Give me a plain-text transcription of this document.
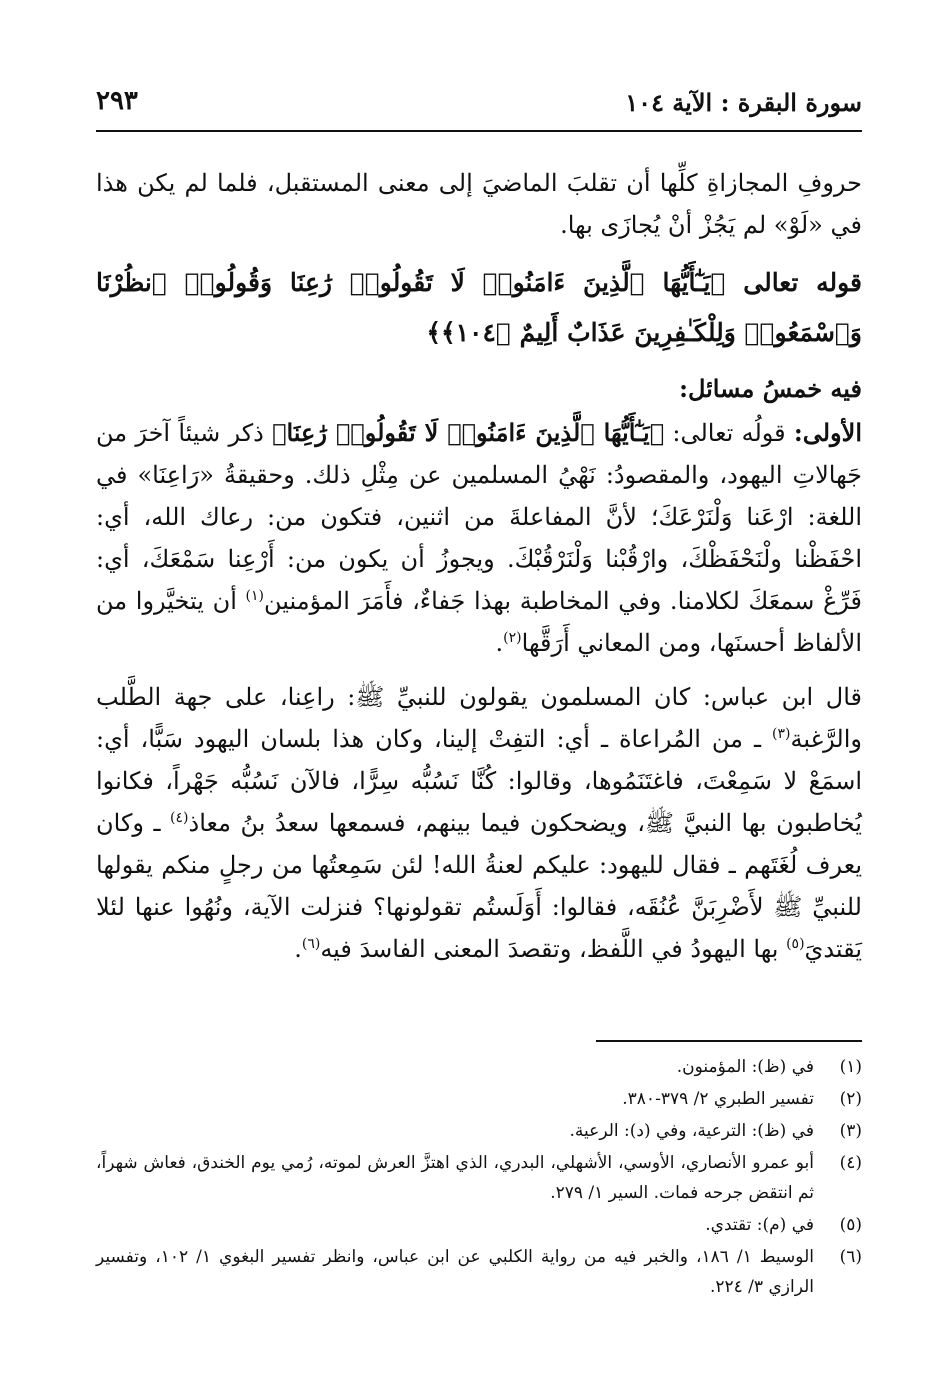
سورة البقرة : الآية ١٠٤
٢٩٣

حروفِ المجازاةِ كلِّها أن تقلبَ الماضيَ إلى معنى المستقبل، فلما لم يكن هذا في «لَوْ» لم يَجُزْ أنْ يُجازَى بها.

قوله تعالى ﴿يَـٰٓأَيُّهَا ٱلَّذِينَ ءَامَنُوا۟ لَا تَقُولُوا۟ رَٰعِنَا وَقُولُوا۟ ٱنظُرْنَا وَٱسْمَعُوا۟ وَلِلْكَـٰفِرِينَ عَذَابٌ أَلِيمٌ ﴿١٠٤﴾﴾

فيه خمسُ مسائل:

الأولى: قولُه تعالى: ﴿يَـٰٓأَيُّهَا ٱلَّذِينَ ءَامَنُوا۟ لَا تَقُولُوا۟ رَٰعِنَا﴾ ذكر شيئاً آخرَ من جَهالاتِ اليهود، والمقصودُ: نَهْيُ المسلمين عن مِثْلِ ذلك. وحقيقةُ «رَاعِنَا» في اللغة: ارْعَنا وَلْنَرْعَكَ؛ لأنَّ المفاعلةَ من اثنين، فتكون من: رعاك الله، أي: احْفَظْنا ولْنَحْفَظْكَ، وارْقُبْنا وَلْنَرْقُبْكَ. ويجوزُ أن يكون من: أَرْعِنا سَمْعَكَ، أي: فَرِّغْ سمعَكَ لكلامنا. وفي المخاطبة بهذا جَفاءٌ، فأَمَرَ المؤمنين$^{(١)}$ أن يتخيَّروا من الألفاظ أحسنَها، ومن المعاني أَرَقَّها$^{(٢)}$.

قال ابن عباس: كان المسلمون يقولون للنبيِّ ﷺ: راعِنا، على جهة الطَّلب والرَّغبة$^{(٣)}$ ـ من المُراعاة ـ أي: التفِتْ إلينا، وكان هذا بلسان اليهود سَبًّا، أي: اسمَعْ لا سَمِعْتَ، فاغتَنَمُوها، وقالوا: كُنَّا نَسُبُّه سِرًّا، فالآن نَسُبُّه جَهْراً، فكانوا يُخاطبون بها النبيَّ ﷺ، ويضحكون فيما بينهم، فسمعها سعدُ بنُ معاذ$^{(٤)}$ ـ وكان يعرف لُغَتَهم ـ فقال لليهود: عليكم لعنةُ الله! لئن سَمِعتُها من رجلٍ منكم يقولها للنبيِّ ﷺ لأَضْرِبَنَّ عُنُقَه، فقالوا: أَوَلَستُم تقولونها؟ فنزلت الآية، ونُهُوا عنها لئلا يَقتديَ$^{(٥)}$ بها اليهودُ في اللَّفظ، وتقصدَ المعنى الفاسدَ فيه$^{(٦)}$.

(١)
في (ظ): المؤمنون.
(٢)
تفسير الطبري ٢/ ٣٧٩-٣٨٠.
(٣)
في (ظ): الترعية، وفي (د): الرعية.
(٤)
أبو عمرو الأنصاري، الأوسي، الأشهلي، البدري، الذي اهتزَّ العرش لموته، رُمي يوم الخندق، فعاش شهراً، ثم انتقض جرحه فمات. السير ١/ ٢٧٩.
(٥)
في (م): تقتدي.
(٦)
الوسيط ١/ ١٨٦، والخبر فيه من رواية الكلبي عن ابن عباس، وانظر تفسير البغوي ١/ ١٠٢، وتفسير الرازي ٣/ ٢٢٤.
